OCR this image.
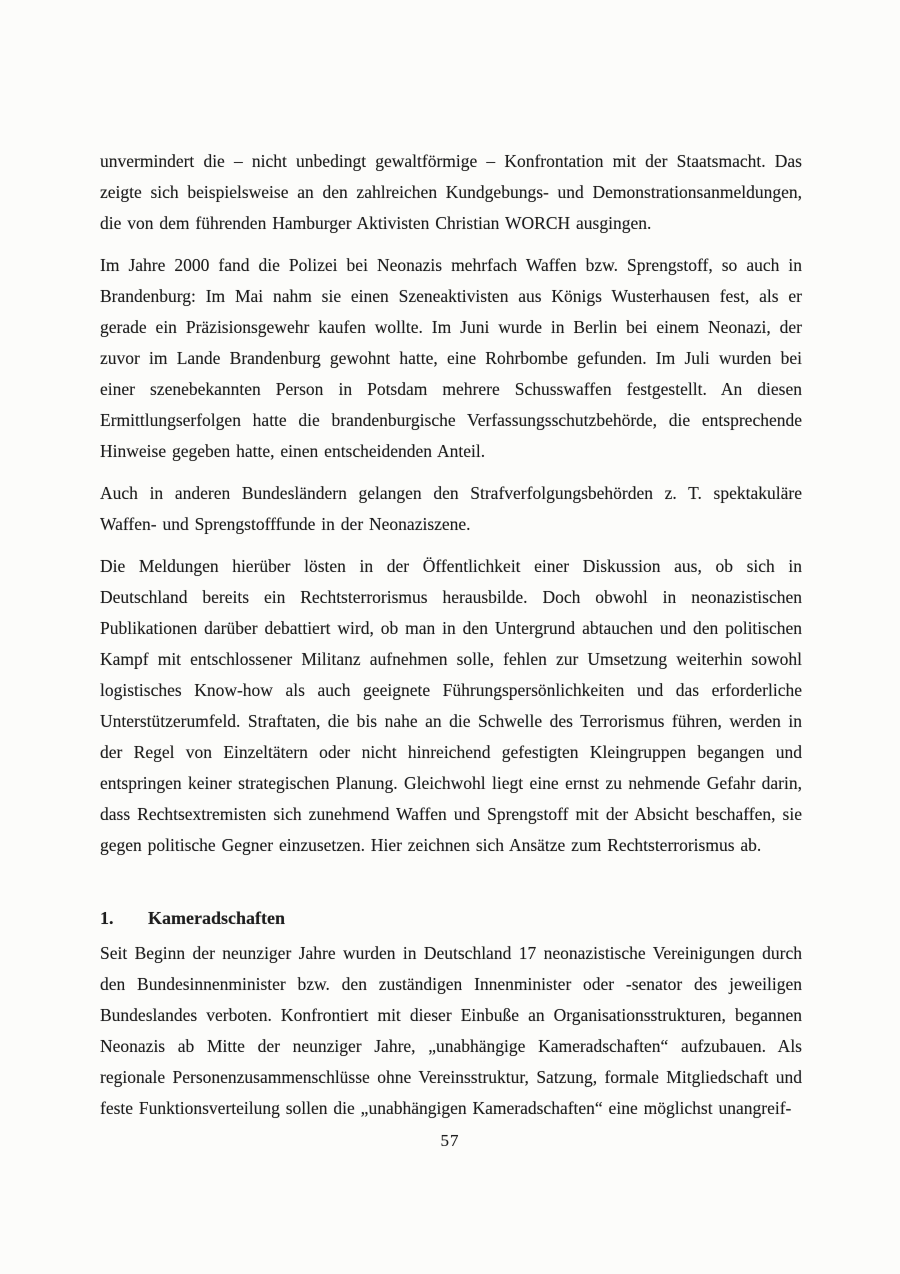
unvermindert die – nicht unbedingt gewaltförmige – Konfrontation mit der Staatsmacht. Das zeigte sich beispielsweise an den zahlreichen Kundgebungs- und Demonstrationsanmeldungen, die von dem führenden Hamburger Aktivisten Christian WORCH ausgingen.

Im Jahre 2000 fand die Polizei bei Neonazis mehrfach Waffen bzw. Sprengstoff, so auch in Brandenburg: Im Mai nahm sie einen Szeneaktivisten aus Königs Wusterhausen fest, als er gerade ein Präzisionsgewehr kaufen wollte. Im Juni wurde in Berlin bei einem Neonazi, der zuvor im Lande Brandenburg gewohnt hatte, eine Rohrbombe gefunden. Im Juli wurden bei einer szenebekannten Person in Potsdam mehrere Schusswaffen festgestellt. An diesen Ermittlungserfolgen hatte die brandenburgische Verfassungsschutzbehörde, die entsprechende Hinweise gegeben hatte, einen entscheidenden Anteil.

Auch in anderen Bundesländern gelangen den Strafverfolgungsbehörden z. T. spektakuläre Waffen- und Sprengstofffunde in der Neonaziszene.

Die Meldungen hierüber lösten in der Öffentlichkeit einer Diskussion aus, ob sich in Deutschland bereits ein Rechtsterrorismus herausbilde. Doch obwohl in neonazistischen Publikationen darüber debattiert wird, ob man in den Untergrund abtauchen und den politischen Kampf mit entschlossener Militanz aufnehmen solle, fehlen zur Umsetzung weiterhin sowohl logistisches Know-how als auch geeignete Führungspersönlichkeiten und das erforderliche Unterstützerumfeld. Straftaten, die bis nahe an die Schwelle des Terrorismus führen, werden in der Regel von Einzeltätern oder nicht hinreichend gefestigten Kleingruppen begangen und entspringen keiner strategischen Planung. Gleichwohl liegt eine ernst zu nehmende Gefahr darin, dass Rechtsextremisten sich zunehmend Waffen und Sprengstoff mit der Absicht beschaffen, sie gegen politische Gegner einzusetzen. Hier zeichnen sich Ansätze zum Rechtsterrorismus ab.

1. Kameradschaften

Seit Beginn der neunziger Jahre wurden in Deutschland 17 neonazistische Vereinigungen durch den Bundesinnenminister bzw. den zuständigen Innenminister oder -senator des jeweiligen Bundeslandes verboten. Konfrontiert mit dieser Einbuße an Organisationsstrukturen, begannen Neonazis ab Mitte der neunziger Jahre, „unabhängige Kameradschaften“ aufzubauen. Als regionale Personenzusammenschlüsse ohne Vereinsstruktur, Satzung, formale Mitgliedschaft und feste Funktionsverteilung sollen die „unabhängigen Kameradschaften“ eine möglichst unangreif-

57
